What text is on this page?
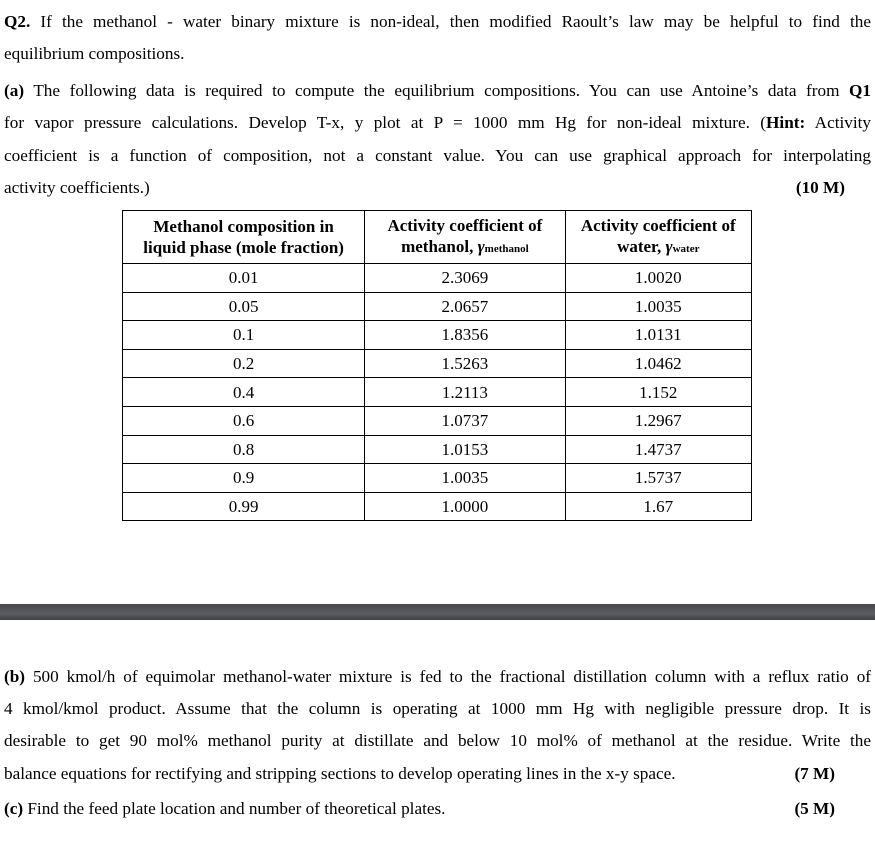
Q2. If the methanol - water binary mixture is non-ideal, then modified Raoult’s law may be helpful to find the
equilibrium compositions.
(a) The following data is required to compute the equilibrium compositions. You can use Antoine’s data from Q1
for vapor pressure calculations. Develop T-x, y plot at P = 1000 mm Hg for non-ideal mixture. (Hint: Activity
coefficient is a function of composition, not a constant value. You can use graphical approach for interpolating
activity coefficients.)	(10 M)
Methanol composition in
liquid phase (mole fraction)	Activity coefficient of
methanol, γmethanol	Activity coefficient of
water, γwater
0.01	2.3069	1.0020
0.05	2.0657	1.0035
0.1	1.8356	1.0131
0.2	1.5263	1.0462
0.4	1.2113	1.152
0.6	1.0737	1.2967
0.8	1.0153	1.4737
0.9	1.0035	1.5737
0.99	1.0000	1.67
(b) 500 kmol/h of equimolar methanol-water mixture is fed to the fractional distillation column with a reflux ratio of
4 kmol/kmol product. Assume that the column is operating at 1000 mm Hg with negligible pressure drop. It is
desirable to get 90 mol% methanol purity at distillate and below 10 mol% of methanol at the residue. Write the
balance equations for rectifying and stripping sections to develop operating lines in the x-y space.	(7 M)
(c) Find the feed plate location and number of theoretical plates.	(5 M)
